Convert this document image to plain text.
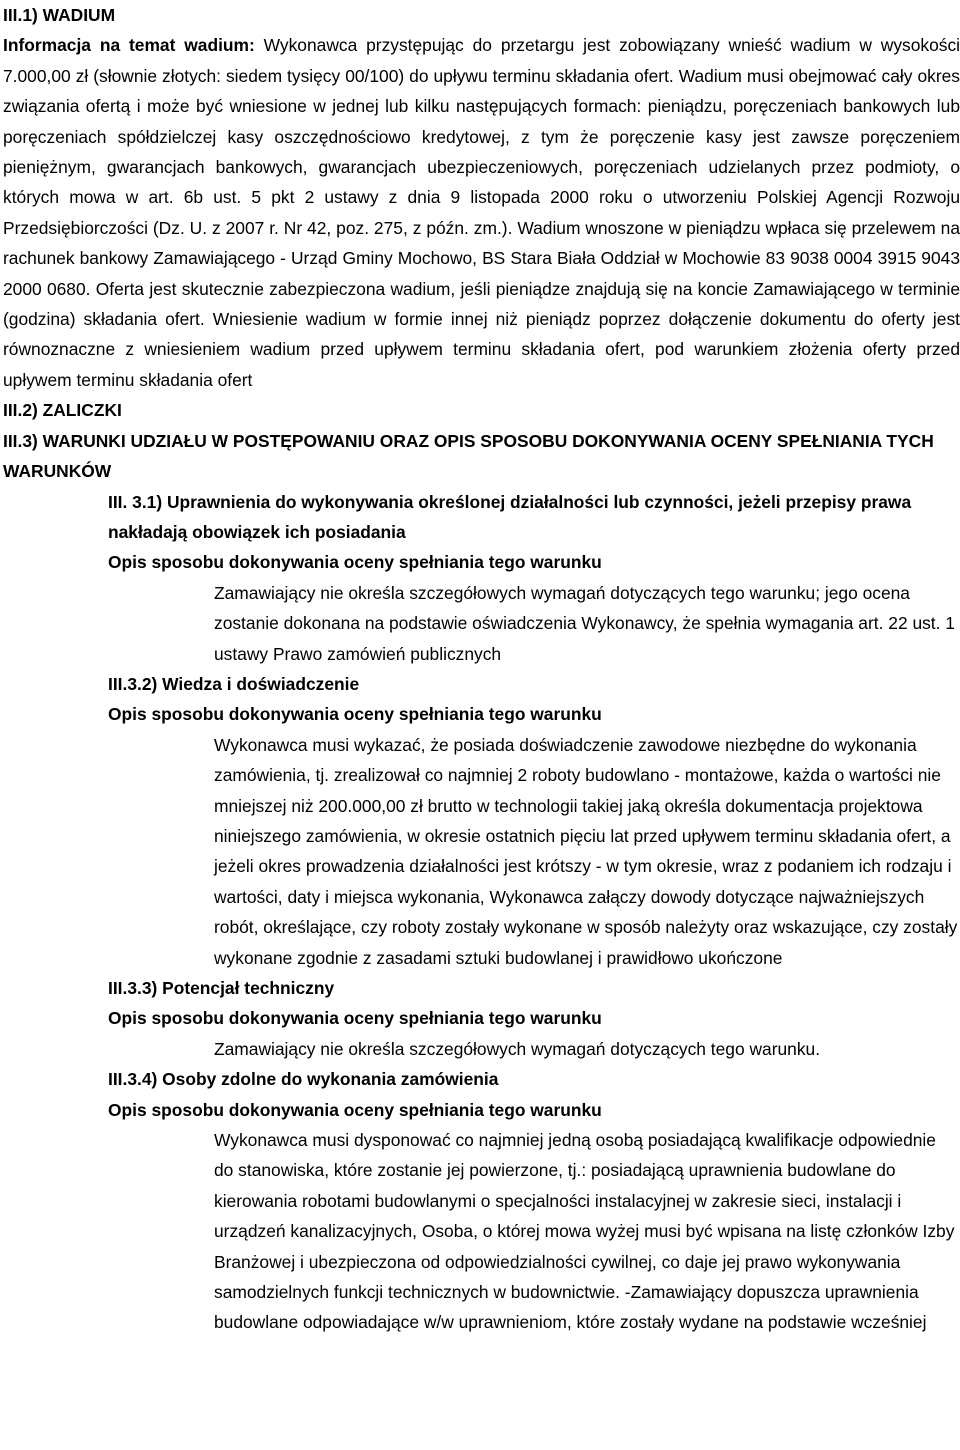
III.1) WADIUM

Informacja na temat wadium: Wykonawca przystępując do przetargu jest zobowiązany wnieść wadium w wysokości 7.000,00 zł (słownie złotych: siedem tysięcy 00/100) do upływu terminu składania ofert. Wadium musi obejmować cały okres związania ofertą i może być wniesione w jednej lub kilku następujących formach: pieniądzu, poręczeniach bankowych lub poręczeniach spółdzielczej kasy oszczędnościowo kredytowej, z tym że poręczenie kasy jest zawsze poręczeniem pieniężnym, gwarancjach bankowych, gwarancjach ubezpieczeniowych, poręczeniach udzielanych przez podmioty, o których mowa w art. 6b ust. 5 pkt 2 ustawy z dnia 9 listopada 2000 roku o utworzeniu Polskiej Agencji Rozwoju Przedsiębiorczości (Dz. U. z 2007 r. Nr 42, poz. 275, z późn. zm.). Wadium wnoszone w pieniądzu wpłaca się przelewem na rachunek bankowy Zamawiającego - Urząd Gminy Mochowo, BS Stara Biała Oddział w Mochowie 83 9038 0004 3915 9043 2000 0680. Oferta jest skutecznie zabezpieczona wadium, jeśli pieniądze znajdują się na koncie Zamawiającego w terminie (godzina) składania ofert. Wniesienie wadium w formie innej niż pieniądz poprzez dołączenie dokumentu do oferty jest równoznaczne z wniesieniem wadium przed upływem terminu składania ofert, pod warunkiem złożenia oferty przed upływem terminu składania ofert

III.2) ZALICZKI

III.3) WARUNKI UDZIAŁU W POSTĘPOWANIU ORAZ OPIS SPOSOBU DOKONYWANIA OCENY SPEŁNIANIA TYCH WARUNKÓW

III. 3.1) Uprawnienia do wykonywania określonej działalności lub czynności, jeżeli przepisy prawa nakładają obowiązek ich posiadania

Opis sposobu dokonywania oceny spełniania tego warunku

Zamawiający nie określa szczegółowych wymagań dotyczących tego warunku; jego ocena zostanie dokonana na podstawie oświadczenia Wykonawcy, że spełnia wymagania art. 22 ust. 1 ustawy Prawo zamówień publicznych

III.3.2) Wiedza i doświadczenie

Opis sposobu dokonywania oceny spełniania tego warunku

Wykonawca musi wykazać, że posiada doświadczenie zawodowe niezbędne do wykonania zamówienia, tj. zrealizował co najmniej 2 roboty budowlano - montażowe, każda o wartości nie mniejszej niż 200.000,00 zł brutto w technologii takiej jaką określa dokumentacja projektowa niniejszego zamówienia, w okresie ostatnich pięciu lat przed upływem terminu składania ofert, a jeżeli okres prowadzenia działalności jest krótszy - w tym okresie, wraz z podaniem ich rodzaju i wartości, daty i miejsca wykonania, Wykonawca załączy dowody dotyczące najważniejszych robót, określające, czy roboty zostały wykonane w sposób należyty oraz wskazujące, czy zostały wykonane zgodnie z zasadami sztuki budowlanej i prawidłowo ukończone

III.3.3) Potencjał techniczny

Opis sposobu dokonywania oceny spełniania tego warunku

Zamawiający nie określa szczegółowych wymagań dotyczących tego warunku.

III.3.4) Osoby zdolne do wykonania zamówienia

Opis sposobu dokonywania oceny spełniania tego warunku

Wykonawca musi dysponować co najmniej jedną osobą posiadającą kwalifikacje odpowiednie do stanowiska, które zostanie jej powierzone, tj.: posiadającą uprawnienia budowlane do kierowania robotami budowlanymi o specjalności instalacyjnej w zakresie sieci, instalacji i urządzeń kanalizacyjnych, Osoba, o której mowa wyżej musi być wpisana na listę członków Izby Branżowej i ubezpieczona od odpowiedzialności cywilnej, co daje jej prawo wykonywania samodzielnych funkcji technicznych w budownictwie. -Zamawiający dopuszcza uprawnienia budowlane odpowiadające w/w uprawnieniom, które zostały wydane na podstawie wcześniej
